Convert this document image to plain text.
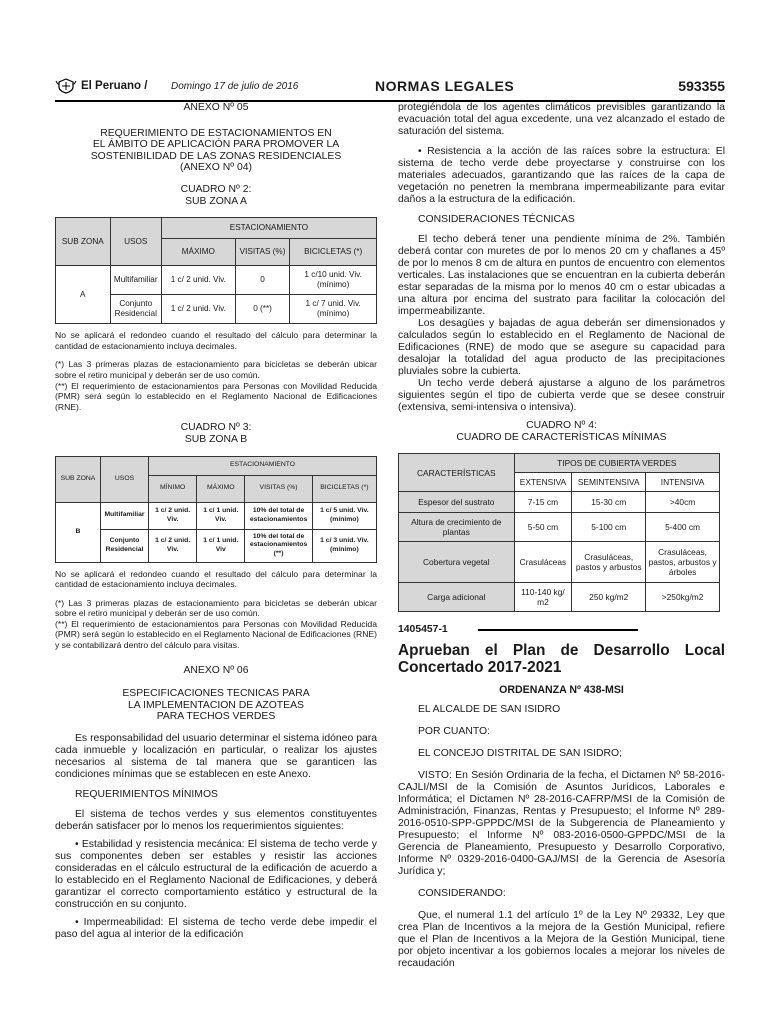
El Peruano / Domingo 17 de julio de 2016	NORMAS LEGALES	593355
ANEXO Nº 05
REQUERIMIENTO DE ESTACIONAMIENTOS EN
EL ÁMBITO DE APLICACIÓN PARA PROMOVER LA
SOSTENIBILIDAD DE LAS ZONAS RESIDENCIALES
(ANEXO Nº 04)
CUADRO Nº 2:
SUB ZONA A
SUB ZONA	USOS	ESTACIONAMIENTO		
		MÁXIMO	VISITAS (%)	BICICLETAS (*)
A	Multifamiliar	1 c/ 2 unid. Viv.	0	1 c/10 unid. Viv. (mínimo)
	Conjunto Residencial	1 c/ 2 unid. Viv.	0 (**)	1 c/ 7 unid. Viv. (mínimo)

No se aplicará el redondeo cuando el resultado del cálculo para determinar la cantidad de estacionamiento incluya decimales.

(*) Las 3 primeras plazas de estacionamiento para bicicletas se deberán ubicar sobre el retiro municipal y deberán ser de uso común.

(**) El requerimiento de estacionamientos para Personas con Movilidad Reducida (PMR) será según lo establecido en el Reglamento Nacional de Edificaciones (RNE).

CUADRO Nº 3:
SUB ZONA B
SUB ZONA	USOS	ESTACIONAMIENTO			
		MÍNIMO	MÁXIMO	VISITAS (%)	BICICLETAS (*)
B	Multifamiliar	1 c/ 2 unid. Viv.	1 c/ 1 unid. Viv.	10% del total de estacionamientos	1 c/ 5 unid. Viv. (mínimo)
	Conjunto Residencial	1 c/ 2 unid. Viv.	1 c/ 1 unid. Viv	10% del total de estacionamientos (**)	1 c/ 3 unid. Viv. (mínimo)

No se aplicará el redondeo cuando el resultado del cálculo para determinar la cantidad de estacionamiento incluya decimales.

(*) Las 3 primeras plazas de estacionamiento para bicicletas se deberán ubicar sobre el retiro municipal y deberán ser de uso común.

(**) El requerimiento de estacionamientos para Personas con Movilidad Reducida (PMR) será según lo establecido en el Reglamento Nacional de Edificaciones (RNE) y se contabilizará dentro del cálculo para visitas.

ANEXO Nº 06
ESPECIFICACIONES TECNICAS PARA
LA IMPLEMENTACION DE AZOTEAS
PARA TECHOS VERDES

Es responsabilidad del usuario determinar el sistema idóneo para cada inmueble y localización en particular, o realizar los ajustes necesarios al sistema de tal manera que se garanticen las condiciones mínimas que se establecen en este Anexo.

REQUERIMIENTOS MÍNIMOS

El sistema de techos verdes y sus elementos constituyentes deberán satisfacer por lo menos los requerimientos siguientes:

• Estabilidad y resistencia mecánica: El sistema de techo verde y sus componentes deben ser estables y resistir las acciones consideradas en el cálculo estructural de la edificación de acuerdo a lo establecido en el Reglamento Nacional de Edificaciones, y deberá garantizar el correcto comportamiento estático y estructural de la construcción en su conjunto.

• Impermeabilidad: El sistema de techo verde debe impedir el paso del agua al interior de la edificación

protegiéndola de los agentes climáticos previsibles garantizando la evacuación total del agua excedente, una vez alcanzado el estado de saturación del sistema.

• Resistencia a la acción de las raíces sobre la estructura: El sistema de techo verde debe proyectarse y construirse con los materiales adecuados, garantizando que las raíces de la capa de vegetación no penetren la membrana impermeabilizante para evitar daños a la estructura de la edificación.

CONSIDERACIONES TÉCNICAS

El techo deberá tener una pendiente mínima de 2%. También deberá contar con muretes de por lo menos 20 cm y chaflanes a 45º de por lo menos 8 cm de altura en puntos de encuentro con elementos verticales. Las instalaciones que se encuentran en la cubierta deberán estar separadas de la misma por lo menos 40 cm o estar ubicadas a una altura por encima del sustrato para facilitar la colocación del impermeabilizante.

Los desagües y bajadas de agua deberán ser dimensionados y calculados según lo establecido en el Reglamento de Nacional de Edificaciones (RNE) de modo que se asegure su capacidad para desalojar la totalidad del agua producto de las precipitaciones pluviales sobre la cubierta.

Un techo verde deberá ajustarse a alguno de los parámetros siguientes según el tipo de cubierta verde que se desee construir (extensiva, semi-intensiva o intensiva).

CUADRO Nº 4:
CUADRO DE CARACTERÍSTICAS MÍNIMAS
CARACTERÍSTICAS	TIPOS DE CUBIERTA VERDES		
	EXTENSIVA	SEMINTENSIVA	INTENSIVA
Espesor del sustrato	7-15 cm	15-30 cm	>40cm
Altura de crecimiento de plantas	5-50 cm	5-100 cm	5-400 cm
Cobertura vegetal	Crasuláceas	Crasuláceas, pastos y arbustos	Crasuláceas, pastos, arbustos y árboles
Carga adicional	110-140 kg/ m2	250 kg/m2	>250kg/m2
1405457-1

Aprueban el Plan de Desarrollo Local Concertado 2017-2021

ORDENANZA Nº 438-MSI

EL ALCALDE DE SAN ISIDRO

POR CUANTO:

EL CONCEJO DISTRITAL DE SAN ISIDRO;

VISTO: En Sesión Ordinaria de la fecha, el Dictamen Nº 58-2016-CAJLI/MSI de la Comisión de Asuntos Jurídicos, Laborales e Informática; el Dictamen Nº 28-2016-CAFRP/MSI de la Comisión de Administración, Finanzas, Rentas y Presupuesto; el Informe Nº 289-2016-0510-SPP-GPPDC/MSI de la Subgerencia de Planeamiento y Presupuesto; el Informe Nº 083-2016-0500-GPPDC/MSI de la Gerencia de Planeamiento, Presupuesto y Desarrollo Corporativo, Informe Nº 0329-2016-0400-GAJ/MSI de la Gerencia de Asesoría Jurídica y;

CONSIDERANDO:

Que, el numeral 1.1 del artículo 1º de la Ley Nº 29332, Ley que crea Plan de Incentivos a la mejora de la Gestión Municipal, refiere que el Plan de Incentivos a la Mejora de la Gestión Municipal, tiene por objeto incentivar a los gobiernos locales a mejorar los niveles de recaudación
